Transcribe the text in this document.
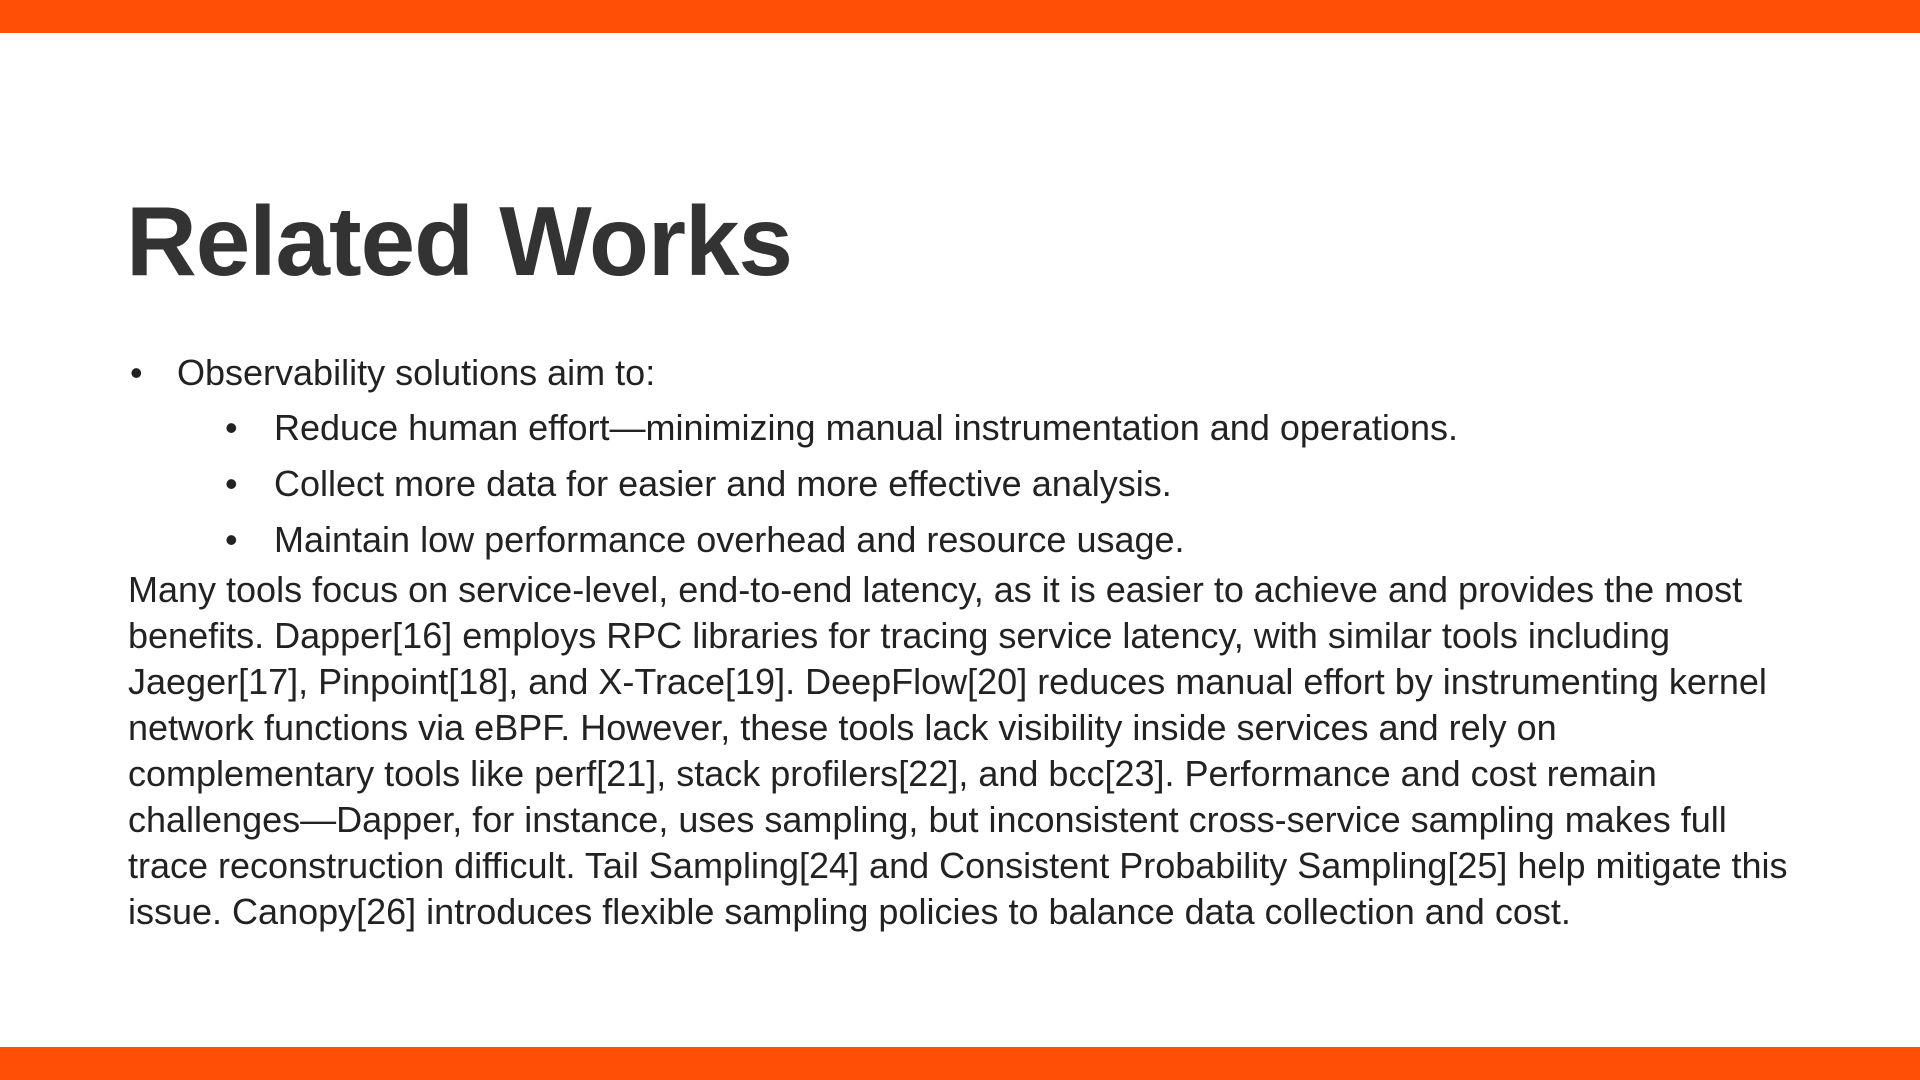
Related Works
• Observability solutions aim to:
• Reduce human effort—minimizing manual instrumentation and operations.
• Collect more data for easier and more effective analysis.
• Maintain low performance overhead and resource usage.

Many tools focus on service-level, end-to-end latency, as it is easier to achieve and provides the most benefits. Dapper[16] employs RPC libraries for tracing service latency, with similar tools including Jaeger[17], Pinpoint[18], and X-Trace[19]. DeepFlow[20] reduces manual effort by instrumenting kernel network functions via eBPF. However, these tools lack visibility inside services and rely on complementary tools like perf[21], stack profilers[22], and bcc[23]. Performance and cost remain challenges—Dapper, for instance, uses sampling, but inconsistent cross-service sampling makes full trace reconstruction difficult. Tail Sampling[24] and Consistent Probability Sampling[25] help mitigate this issue. Canopy[26] introduces flexible sampling policies to balance data collection and cost.
